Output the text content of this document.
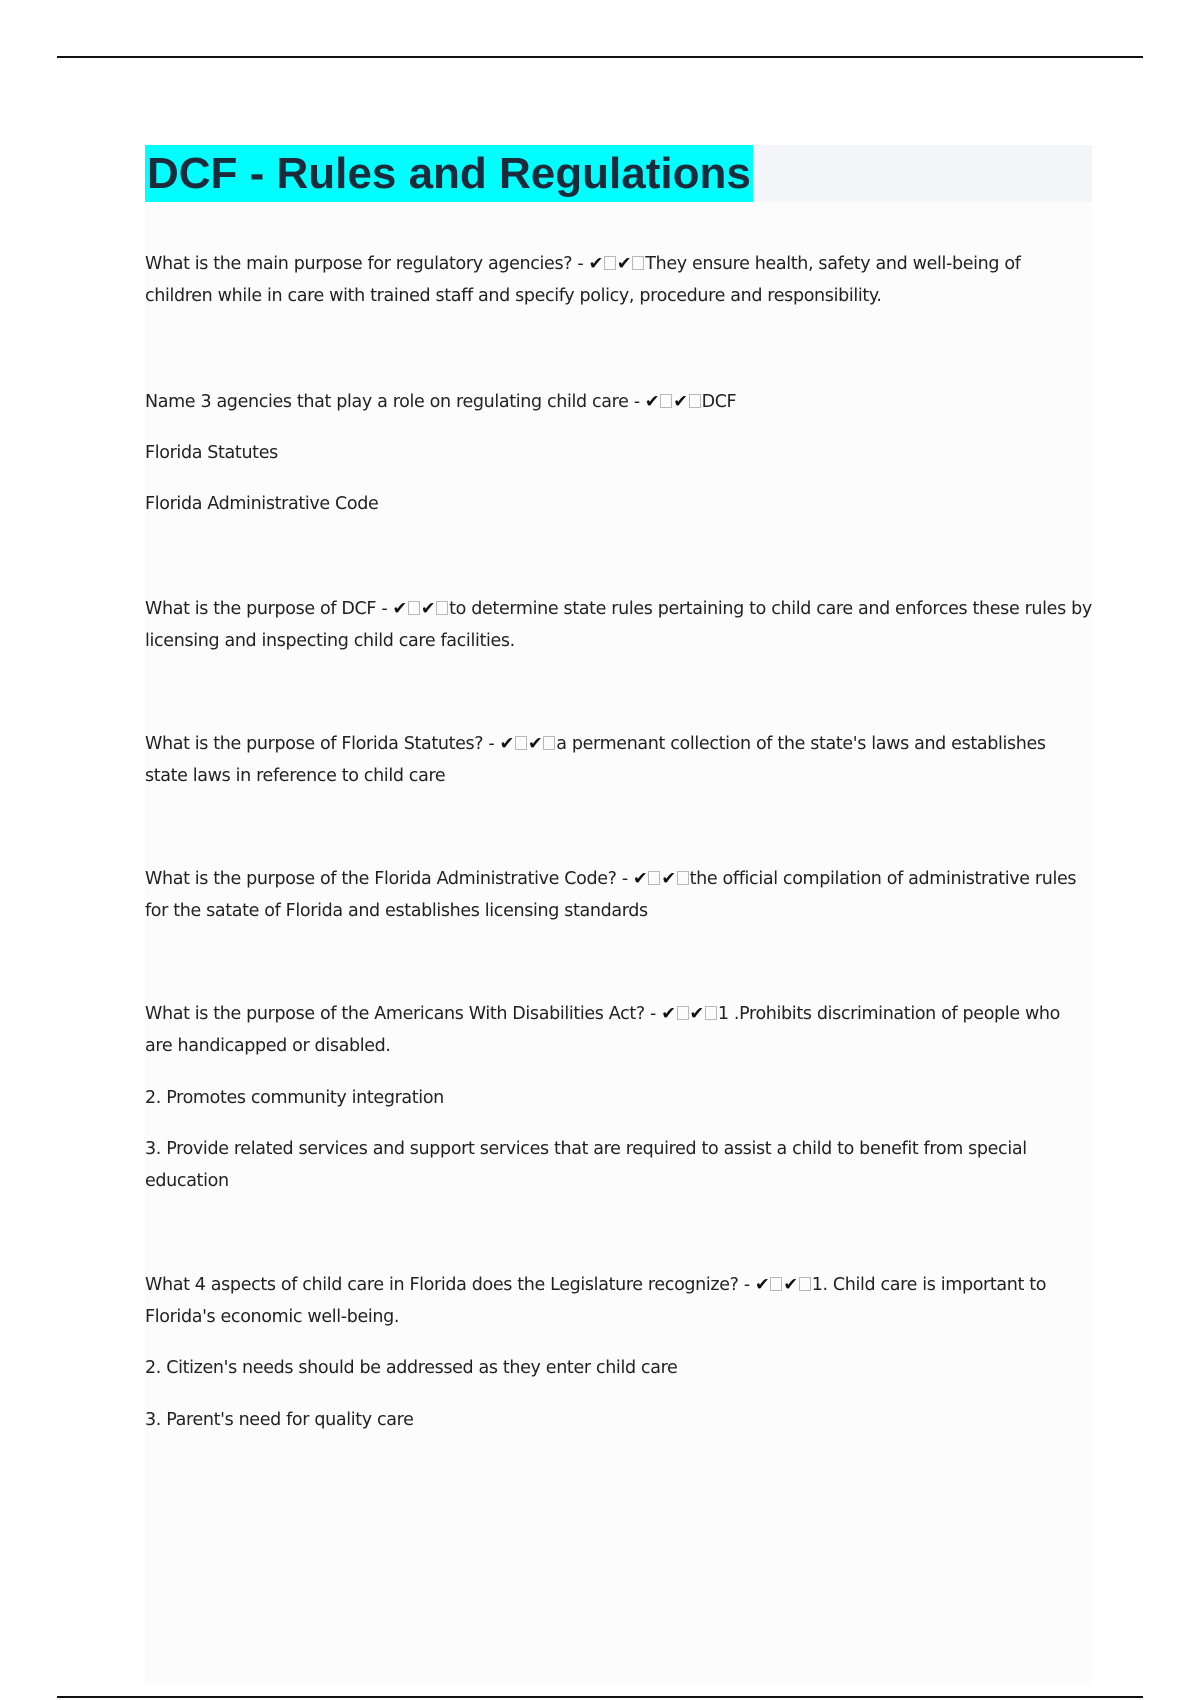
DCF - Rules and Regulations

What is the main purpose for regulatory agencies? - ✔ ✔ They ensure health, safety and well-being of children while in care with trained staff and specify policy, procedure and responsibility.

Name 3 agencies that play a role on regulating child care - ✔ ✔ DCF

Florida Statutes

Florida Administrative Code

What is the purpose of DCF - ✔ ✔ to determine state rules pertaining to child care and enforces these rules by licensing and inspecting child care facilities.

What is the purpose of Florida Statutes? - ✔ ✔ a permenant collection of the state's laws and establishes state laws in reference to child care

What is the purpose of the Florida Administrative Code? - ✔ ✔ the official compilation of administrative rules for the satate of Florida and establishes licensing standards

What is the purpose of the Americans With Disabilities Act? - ✔ ✔ 1 .Prohibits discrimination of people who are handicapped or disabled.

2. Promotes community integration

3. Provide related services and support services that are required to assist a child to benefit from special education

What 4 aspects of child care in Florida does the Legislature recognize? - ✔ ✔ 1. Child care is important to Florida's economic well-being.

2. Citizen's needs should be addressed as they enter child care

3. Parent's need for quality care
